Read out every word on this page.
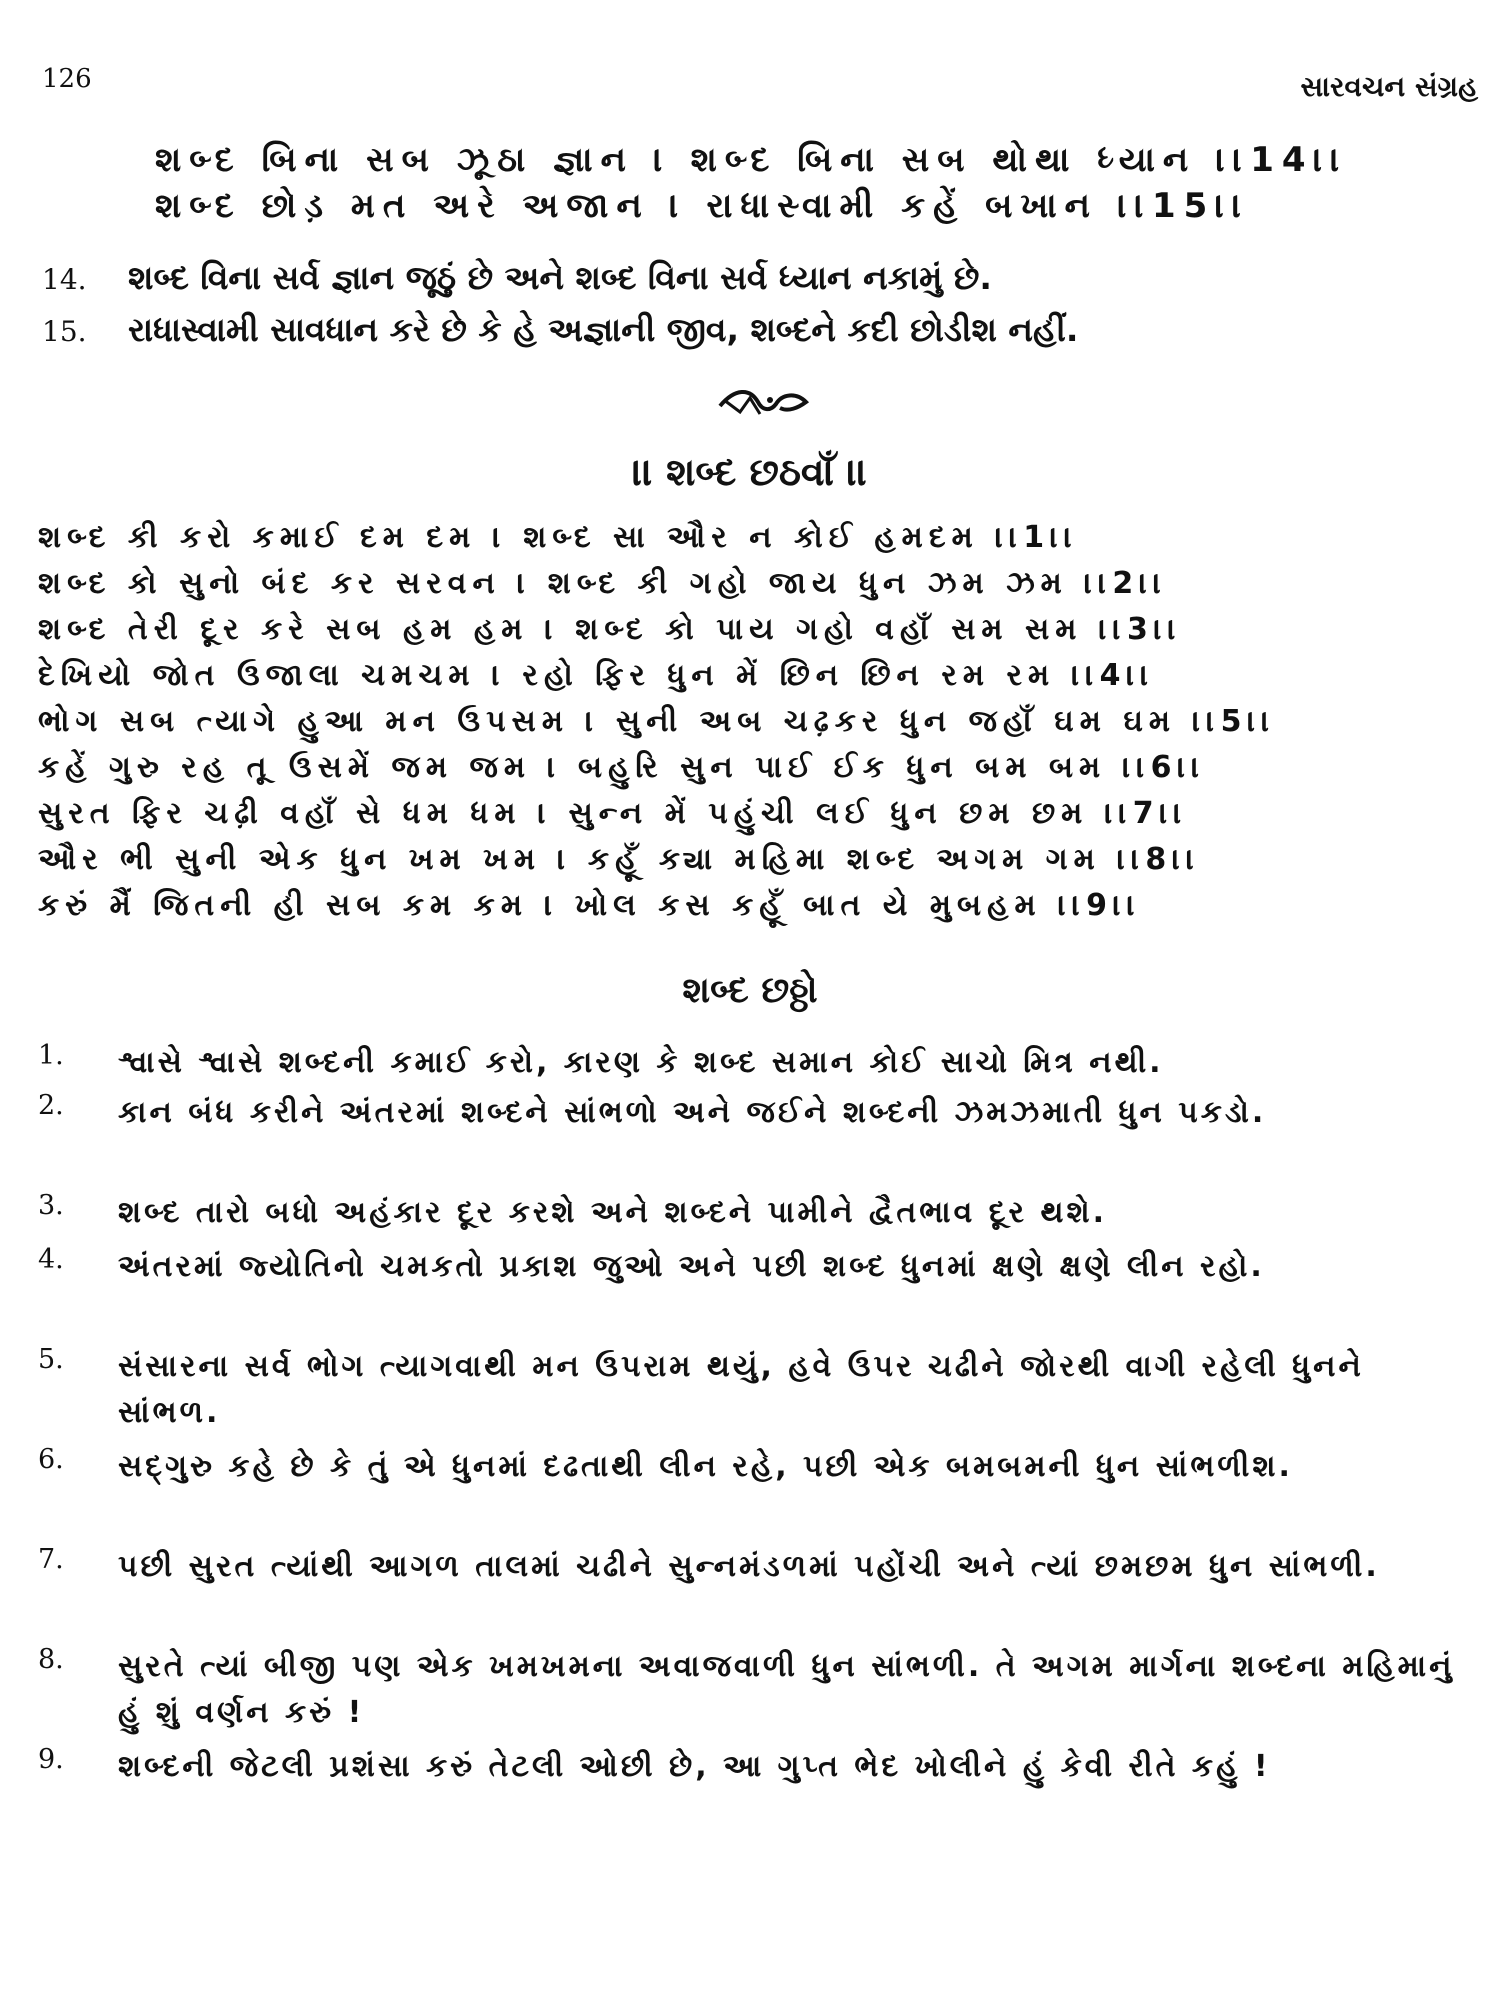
126	સારવચન સંગ્રહ
શબ્દ બિના સબ ઝૂઠા જ્ઞાન । શબ્દ બિના સબ થોથા ધ્યાન ।।14।।
શબ્દ છોડ઼ મત અરે અજાન । રાધાસ્વામી કહેં બખાન ।।15।।
14. શબ્દ વિના સર્વ જ્ઞાન જૂઠું છે અને શબ્દ વિના સર્વ ધ્યાન નકામું છે.
15. રાધાસ્વામી સાવધાન કરે છે કે હે અજ્ઞાની જીવ, શબ્દને કદી છોડીશ નહીં.
।। શબ્દ છઠવાઁ ।।
શબ્દ કી કરો કમાઈ દમ દમ । શબ્દ સા ઔર ન કોઈ હમદમ ।।1।।
શબ્દ કો સુનો બંદ કર સરવન । શબ્દ કી ગહો જાય ધુન ઝમ ઝમ ।।2।।
શબ્દ તેરી દૂર કરે સબ હમ હમ । શબ્દ કો પાય ગહો વહાઁ સમ સમ ।।3।।
દેખિયો જોત ઉજાલા ચમચમ । રહો ફિર ધુન મેં છિન છિન રમ રમ ।।4।।
ભોગ સબ ત્યાગે હુઆ મન ઉપસમ । સુની અબ ચઢ઼કર ધુન જહાઁ ઘમ ઘમ ।।5।।
કહેં ગુરુ રહ તૂ ઉસમેં જમ જમ । બહુરિ સુન પાઈ ઈક ધુન બમ બમ ।।6।।
સુરત ફિર ચઢ઼ી વહાઁ સે ધમ ધમ । સુન્ન મેં પહુંચી લઈ ધુન છમ છમ ।।7।।
ઔર ભી સુની એક ધુન ખમ ખમ । કહૂઁ ક્યા મહિમા શબ્દ અગમ ગમ ।।8।।
કરું મૈં જિતની હી સબ કમ કમ । ખોલ કસ કહૂઁ બાત યે મુબહમ ।।9।।
શબ્દ છઠ્ઠો
1. શ્વાસે શ્વાસે શબ્દની કમાઈ કરો, કારણ કે શબ્દ સમાન કોઈ સાચો મિત્ર નથી.
2. કાન બંધ કરીને અંતરમાં શબ્દને સાંભળો અને જઈને શબ્દની ઝમઝમાતી ધુન પકડો.
3. શબ્દ તારો બધો અહંકાર દૂર કરશે અને શબ્દને પામીને દ્વૈતભાવ દૂર થશે.
4. અંતરમાં જ્યોતિનો ચમકતો પ્રકાશ જુઓ અને પછી શબ્દ ધુનમાં ક્ષણે ક્ષણે લીન રહો.
5. સંસારના સર્વ ભોગ ત્યાગવાથી મન ઉપરામ થયું, હવે ઉપર ચઢીને જોરથી વાગી રહેલી ધુનને સાંભળ.
6. સદ્‌ગુરુ કહે છે કે તું એ ધુનમાં દઢતાથી લીન રહે, પછી એક બમબમની ધુન સાંભળીશ.
7. પછી સુરત ત્યાંથી આગળ તાલમાં ચઢીને સુન્નમંડળમાં પહોંચી અને ત્યાં છમછમ ધુન સાંભળી.
8. સુરતે ત્યાં બીજી પણ એક ખમખમના અવાજવાળી ધુન સાંભળી. તે અગમ માર્ગના શબ્દના મહિમાનું હું શું વર્ણન કરું !
9. શબ્દની જેટલી પ્રશંસા કરું તેટલી ઓછી છે, આ ગુપ્ત ભેદ ખોલીને હું કેવી રીતે કહું !
